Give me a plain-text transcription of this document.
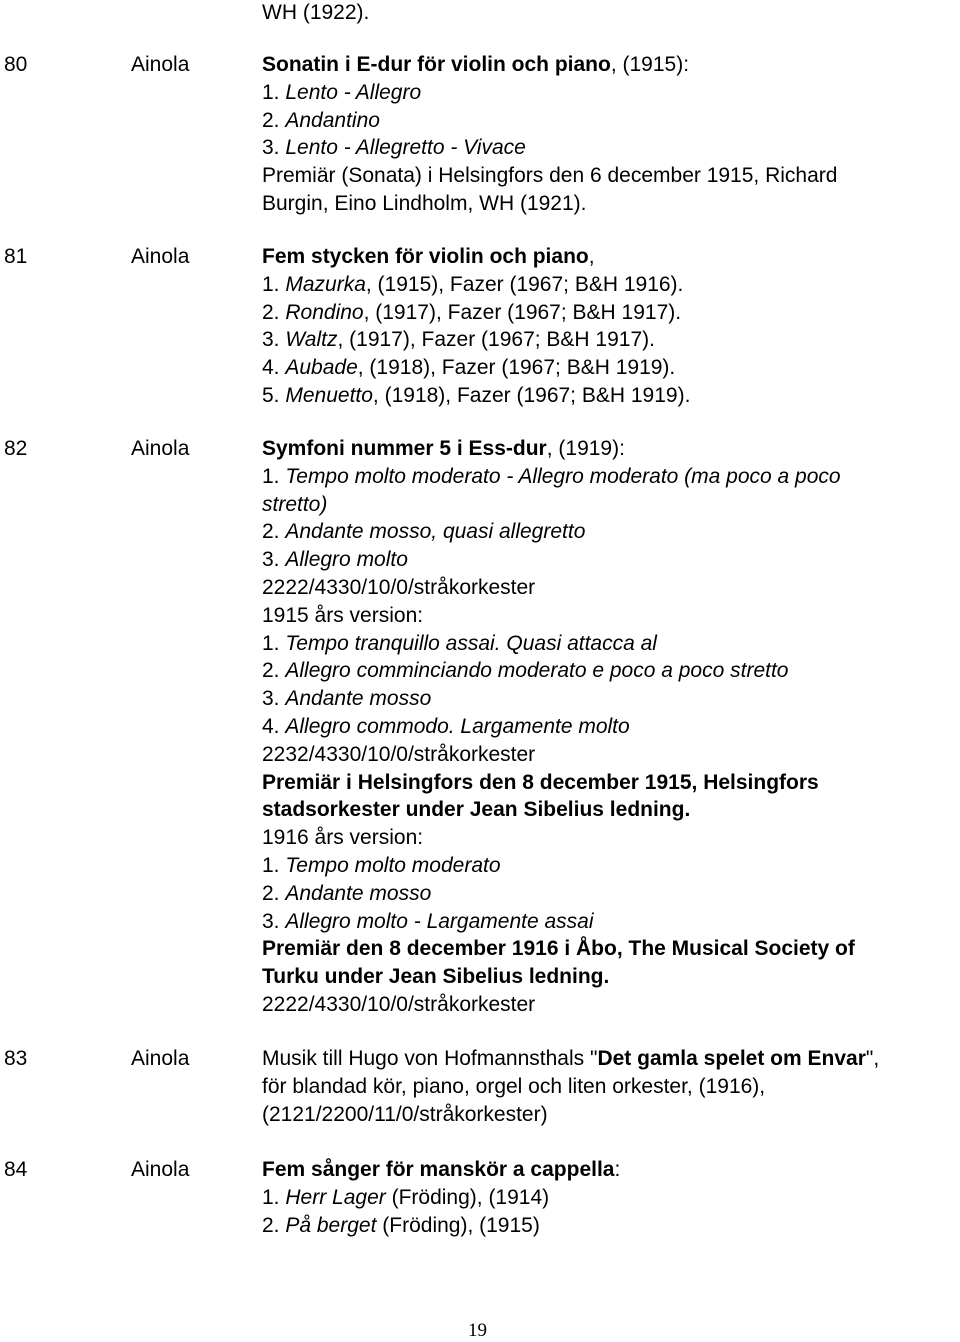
WH (1922).
80	Ainola	Sonatin i E-dur för violin och piano, (1915):
1. Lento - Allegro
2. Andantino
3. Lento - Allegretto - Vivace
Premiär (Sonata) i Helsingfors den 6 december 1915, Richard
Burgin, Eino Lindholm, WH (1921).
81	Ainola	Fem stycken för violin och piano,
1. Mazurka, (1915), Fazer (1967; B&H 1916).
2. Rondino, (1917), Fazer (1967; B&H 1917).
3. Waltz, (1917), Fazer (1967; B&H 1917).
4. Aubade, (1918), Fazer (1967; B&H 1919).
5. Menuetto, (1918), Fazer (1967; B&H 1919).
82	Ainola	Symfoni nummer 5 i Ess-dur, (1919):
1. Tempo molto moderato - Allegro moderato (ma poco a poco
stretto)
2. Andante mosso, quasi allegretto
3. Allegro molto
2222/4330/10/0/stråkorkester
1915 års version:
1. Tempo tranquillo assai. Quasi attacca al
2. Allegro comminciando moderato e poco a poco stretto
3. Andante mosso
4. Allegro commodo. Largamente molto
2232/4330/10/0/stråkorkester
Premiär i Helsingfors den 8 december 1915, Helsingfors
stadsorkester under Jean Sibelius ledning.
1916 års version:
1. Tempo molto moderato
2. Andante mosso
3. Allegro molto - Largamente assai
Premiär den 8 december 1916 i Åbo, The Musical Society of
Turku under Jean Sibelius ledning.
2222/4330/10/0/stråkorkester
83	Ainola	Musik till Hugo von Hofmannsthals "Det gamla spelet om Envar",
för blandad kör, piano, orgel och liten orkester, (1916),
(2121/2200/11/0/stråkorkester)
84	Ainola	Fem sånger för manskör a cappella:
1. Herr Lager (Fröding), (1914)
2. På berget (Fröding), (1915)
19
